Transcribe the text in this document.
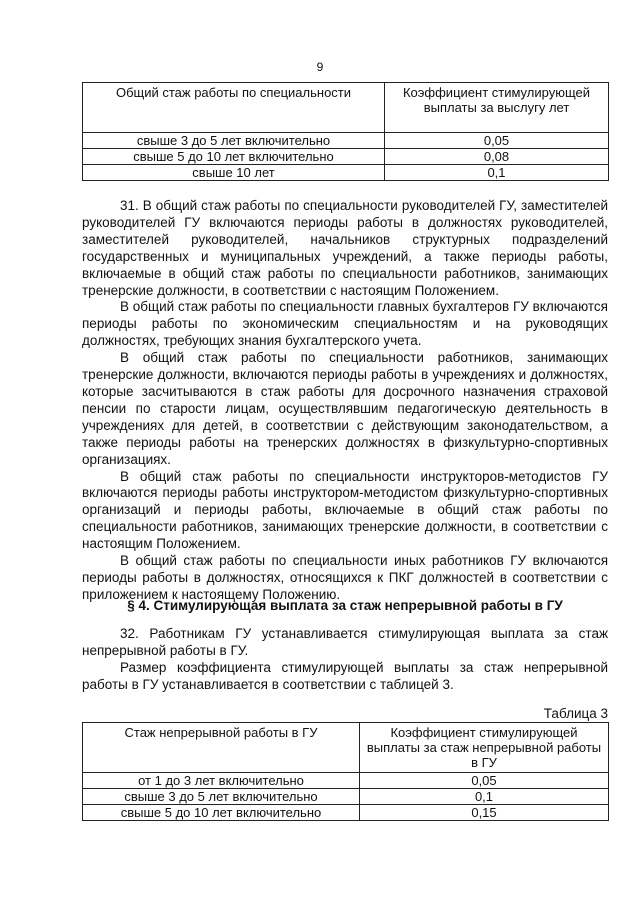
9
Общий стаж работы по специальности	Коэффициент стимулирующей выплаты за выслугу лет
свыше 3 до 5 лет включительно	0,05
свыше 5 до 10 лет включительно	0,08
свыше 10 лет	0,1

31. В общий стаж работы по специальности руководителей ГУ, заместителей руководителей ГУ включаются периоды работы в должностях руководителей, заместителей руководителей, начальников структурных подразделений государственных и муниципальных учреждений, а также периоды работы, включаемые в общий стаж работы по специальности работников, занимающих тренерские должности, в соответствии с настоящим Положением.

В общий стаж работы по специальности главных бухгалтеров ГУ включаются периоды работы по экономическим специальностям и на руководящих должностях, требующих знания бухгалтерского учета.

В общий стаж работы по специальности работников, занимающих тренерские должности, включаются периоды работы в учреждениях и должностях, которые засчитываются в стаж работы для досрочного назначения страховой пенсии по старости лицам, осуществлявшим педагогическую деятельность в учреждениях для детей, в соответствии с действующим законодательством, а также периоды работы на тренерских должностях в физкультурно-спортивных организациях.

В общий стаж работы по специальности инструкторов-методистов ГУ включаются периоды работы инструктором-методистом физкультурно-спортивных организаций и периоды работы, включаемые в общий стаж работы по специальности работников, занимающих тренерские должности, в соответствии с настоящим Положением.

В общий стаж работы по специальности иных работников ГУ включаются периоды работы в должностях, относящихся к ПКГ должностей в соответствии с приложением к настоящему Положению.

§ 4. Стимулирующая выплата за стаж непрерывной работы в ГУ

32. Работникам ГУ устанавливается стимулирующая выплата за стаж непрерывной работы в ГУ.

Размер коэффициента стимулирующей выплаты за стаж непрерывной работы в ГУ устанавливается в соответствии с таблицей 3.

Таблица 3
Стаж непрерывной работы в ГУ	Коэффициент стимулирующей выплаты за стаж непрерывной работы в ГУ
от 1 до 3 лет включительно	0,05
свыше 3 до 5 лет включительно	0,1
свыше 5 до 10 лет включительно	0,15
